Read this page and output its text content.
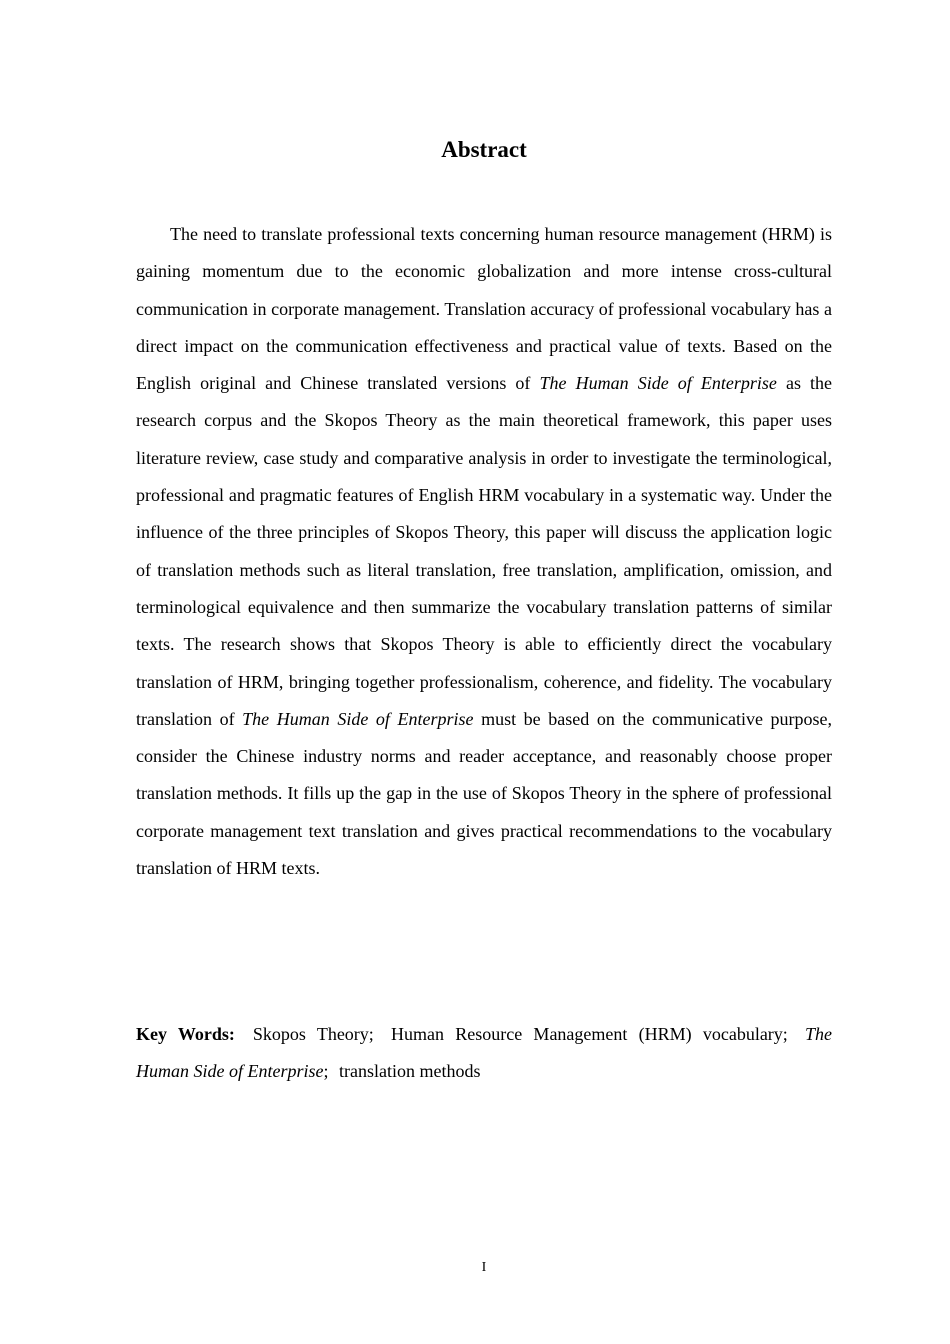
Abstract

The need to translate professional texts concerning human resource management (HRM) is gaining momentum due to the economic globalization and more intense cross-cultural communication in corporate management. Translation accuracy of professional vocabulary has a direct impact on the communication effectiveness and practical value of texts. Based on the English original and Chinese translated versions of The Human Side of Enterprise as the research corpus and the Skopos Theory as the main theoretical framework, this paper uses literature review, case study and comparative analysis in order to investigate the terminological, professional and pragmatic features of English HRM vocabulary in a systematic way. Under the influence of the three principles of Skopos Theory, this paper will discuss the application logic of translation methods such as literal translation, free translation, amplification, omission, and terminological equivalence and then summarize the vocabulary translation patterns of similar texts. The research shows that Skopos Theory is able to efficiently direct the vocabulary translation of HRM, bringing together professionalism, coherence, and fidelity. The vocabulary translation of The Human Side of Enterprise must be based on the communicative purpose, consider the Chinese industry norms and reader acceptance, and reasonably choose proper translation methods. It fills up the gap in the use of Skopos Theory in the sphere of professional corporate management text translation and gives practical recommendations to the vocabulary translation of HRM texts.

Key Words: Skopos Theory; Human Resource Management (HRM) vocabulary; The Human Side of Enterprise; translation methods

I
